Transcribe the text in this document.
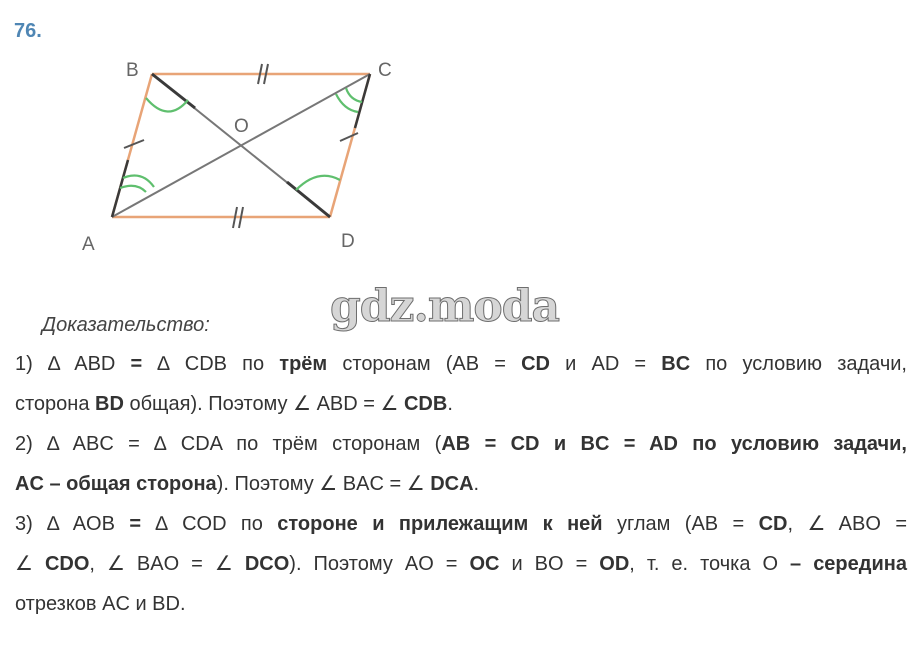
76.
B	C
O
A	D
gdz.moda
Доказательство:
1) ∆ ABD = ∆ CDB по трём сторонам (AB = CD и AD = BC по условию задачи,
сторона BD общая). Поэтому ∠ ABD = ∠ CDB.
2) ∆ ABC = ∆ CDA по трём сторонам (AB = CD и BC = AD по условию задачи,
AC – общая сторона). Поэтому ∠ BAC = ∠ DCA.
3) ∆ AOB = ∆ COD по стороне и прилежащим к ней углам (AB = CD, ∠ ABO =
∠ CDO, ∠ BAO = ∠ DCO). Поэтому AO = OC и BO = OD, т. е. точка O – середина
отрезков AC и BD.
